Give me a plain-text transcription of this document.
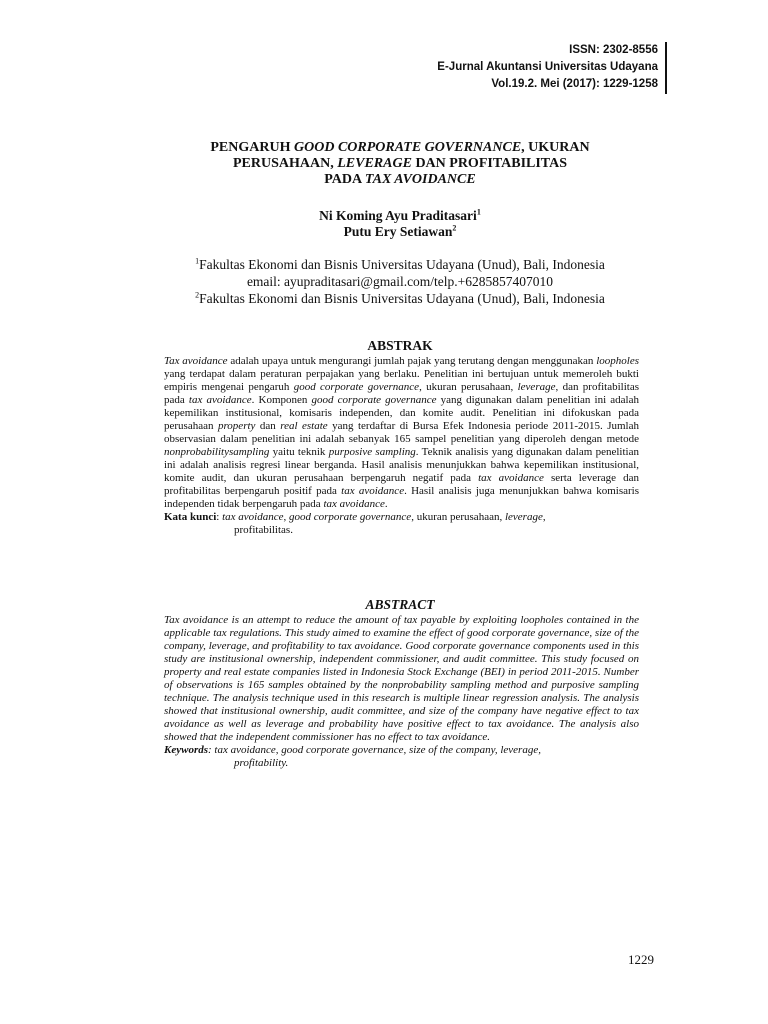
ISSN: 2302-8556
E-Jurnal Akuntansi Universitas Udayana
Vol.19.2. Mei (2017): 1229-1258
PENGARUH GOOD CORPORATE GOVERNANCE, UKURAN
PERUSAHAAN, LEVERAGE DAN PROFITABILITAS
PADA TAX AVOIDANCE
Ni Koming Ayu Praditasari$^1$
Putu Ery Setiawan$^2$

$^1$Fakultas Ekonomi dan Bisnis Universitas Udayana (Unud), Bali, Indonesia

email: ayupraditasari@gmail.com/telp.+6285857407010

$^2$Fakultas Ekonomi dan Bisnis Universitas Udayana (Unud), Bali, Indonesia

ABSTRAK

Tax avoidance adalah upaya untuk mengurangi jumlah pajak yang terutang dengan menggunakan loopholes yang terdapat dalam peraturan perpajakan yang berlaku. Penelitian ini bertujuan untuk memeroleh bukti empiris mengenai pengaruh good corporate governance, ukuran perusahaan, leverage, dan profitabilitas pada tax avoidance. Komponen good corporate governance yang digunakan dalam penelitian ini adalah kepemilikan institusional, komisaris independen, dan komite audit. Penelitian ini difokuskan pada perusahaan property dan real estate yang terdaftar di Bursa Efek Indonesia periode 2011-2015. Jumlah observasian dalam penelitian ini adalah sebanyak 165 sampel penelitian yang diperoleh dengan metode nonprobabilitysampling yaitu teknik purposive sampling. Teknik analisis yang digunakan dalam penelitian ini adalah analisis regresi linear berganda. Hasil analisis menunjukkan bahwa kepemilikan institusional, komite audit, dan ukuran perusahaan berpengaruh negatif pada tax avoidance serta leverage dan profitabilitas berpengaruh positif pada tax avoidance. Hasil analisis juga menunjukkan bahwa komisaris independen tidak berpengaruh pada tax avoidance.

Kata kunci: tax avoidance, good corporate governance, ukuran perusahaan, leverage,

profitabilitas.

ABSTRACT

Tax avoidance is an attempt to reduce the amount of tax payable by exploiting loopholes contained in the applicable tax regulations. This study aimed to examine the effect of good corporate governance, size of the company, leverage, and profitability to tax avoidance. Good corporate governance components used in this study are institusional ownership, independent commissioner, and audit committee. This study focused on property and real estate companies listed in Indonesia Stock Exchange (BEI) in period 2011-2015. Number of observations is 165 samples obtained by the nonprobability sampling method and purposive sampling technique. The analysis technique used in this research is multiple linear regression analysis. The analysis showed that institusional ownership, audit committee, and size of the company have negative effect to tax avoidance as well as leverage and probability have positive effect to tax avoidance. The analysis also showed that the independent commissioner has no effect to tax avoidance.

Keywords: tax avoidance, good corporate governance, size of the company, leverage,

profitability.

1229
